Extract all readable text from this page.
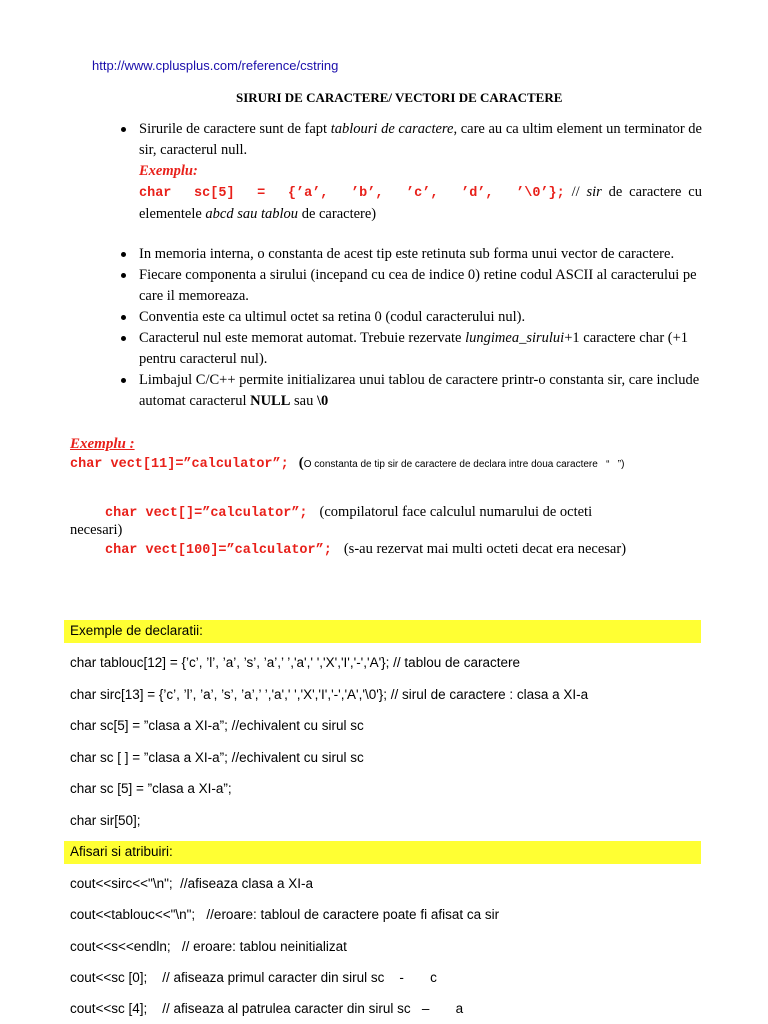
http://www.cplusplus.com/reference/cstring
SIRURI DE CARACTERE/ VECTORI DE CARACTERE
Sirurile de caractere sunt de fapt tablouri de caractere, care au ca ultim element un terminator de sir, caracterul null.
Exemplu:
char  sc[5]  =  {’a’,  ’b’,  ’c’,  ’d’,  ’\0’}; // sir de caractere cu elementele abcd sau tablou de caractere)
In memoria interna, o constanta de acest tip este retinuta sub forma unui vector de caractere.
Fiecare componenta a sirului (incepand cu cea de indice 0) retine codul ASCII al caracterului pe care il memoreaza.
Conventia este ca ultimul octet sa retina 0 (codul caracterului nul).
Caracterul nul este memorat automat. Trebuie rezervate lungimea_sirului+1 caractere char (+1 pentru caracterul nul).
Limbajul C/C++ permite initializarea unui tablou de caractere printr-o constanta sir, care include automat caracterul NULL sau \0
Exemplu :
char vect[11]=”calculator”; (O constanta de tip sir de caractere de declara intre doua caractere   “   ”)
char vect[]=”calculator”; (compilatorul face calculul numarului de octeti
necesari)
char vect[100]=”calculator”; (s-au rezervat mai multi octeti decat era necesar)
Exemple de declaratii:
char tablouc[12] = {’c’, ’l’, ’a’, ’s’, ’a’,’ ’,'a',' ','X','I','-','A'}; // tablou de caractere
char sirc[13] = {’c’, ’l’, ’a’, ’s’, ’a’,’ ’,'a',' ','X','I','-','A','\0'}; // sirul de caractere : clasa a XI-a
char sc[5] = ”clasa a XI-a”; //echivalent cu sirul sc
char sc [ ] = ”clasa a XI-a”; //echivalent cu sirul sc
char sc [5] = ”clasa a XI-a”;
char sir[50];
Afisari si atribuiri:
cout<<sirc<<"\n";  //afiseaza clasa a XI-a
cout<<tablouc<<"\n";   //eroare: tabloul de caractere poate fi afisat ca sir
cout<<s<<endln;   // eroare: tablou neinitializat
cout<<sc [0];    // afiseaza primul caracter din sirul sc    -       c
cout<<sc [4];    // afiseaza al patrulea caracter din sirul sc   –       a
